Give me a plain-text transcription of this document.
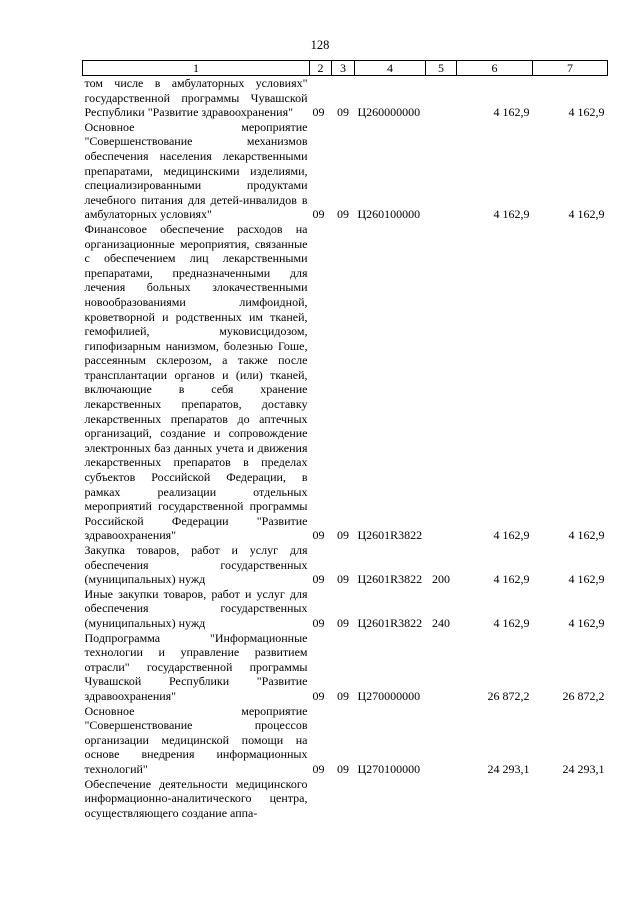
128
1	2	3	4	5	6	7
том числе в амбулаторных условиях" государственной программы Чувашской Республики "Развитие здравоохранения"	09	09	Ц260000000		4 162,9	4 162,9
Основное мероприятие "Совершенствование механизмов обеспечения населения лекарственными препаратами, медицинскими изделиями, специализированными продуктами лечебного питания для детей-инвалидов в амбулаторных условиях"	09	09	Ц260100000		4 162,9	4 162,9
Финансовое обеспечение расходов на организационные мероприятия, связанные с обеспечением лиц лекарственными препаратами, предназначенными для лечения больных злокачественными новообразованиями лимфоидной, кроветворной и родственных им тканей, гемофилией, муковисцидозом, гипофизарным нанизмом, болезнью Гоше, рассеянным склерозом, а также после трансплантации органов и (или) тканей, включающие в себя хранение лекарственных препаратов, доставку лекарственных препаратов до аптечных организаций, создание и сопровождение электронных баз данных учета и движения лекарственных препаратов в пределах субъектов Российской Федерации, в рамках реализации отдельных мероприятий государственной программы Российской Федерации "Развитие здравоохранения"	09	09	Ц2601R3822		4 162,9	4 162,9
Закупка товаров, работ и услуг для обеспечения государственных (муниципальных) нужд	09	09	Ц2601R3822	200	4 162,9	4 162,9
Иные закупки товаров, работ и услуг для обеспечения государственных (муниципальных) нужд	09	09	Ц2601R3822	240	4 162,9	4 162,9
Подпрограмма "Информационные технологии и управление развитием отрасли" государственной программы Чувашской Республики "Развитие здравоохранения"	09	09	Ц270000000		26 872,2	26 872,2
Основное мероприятие "Совершенствование процессов организации медицинской помощи на основе внедрения информационных технологий"	09	09	Ц270100000		24 293,1	24 293,1
Обеспечение деятельности медицинского информационно-аналитического центра, осуществляющего создание аппа-						
